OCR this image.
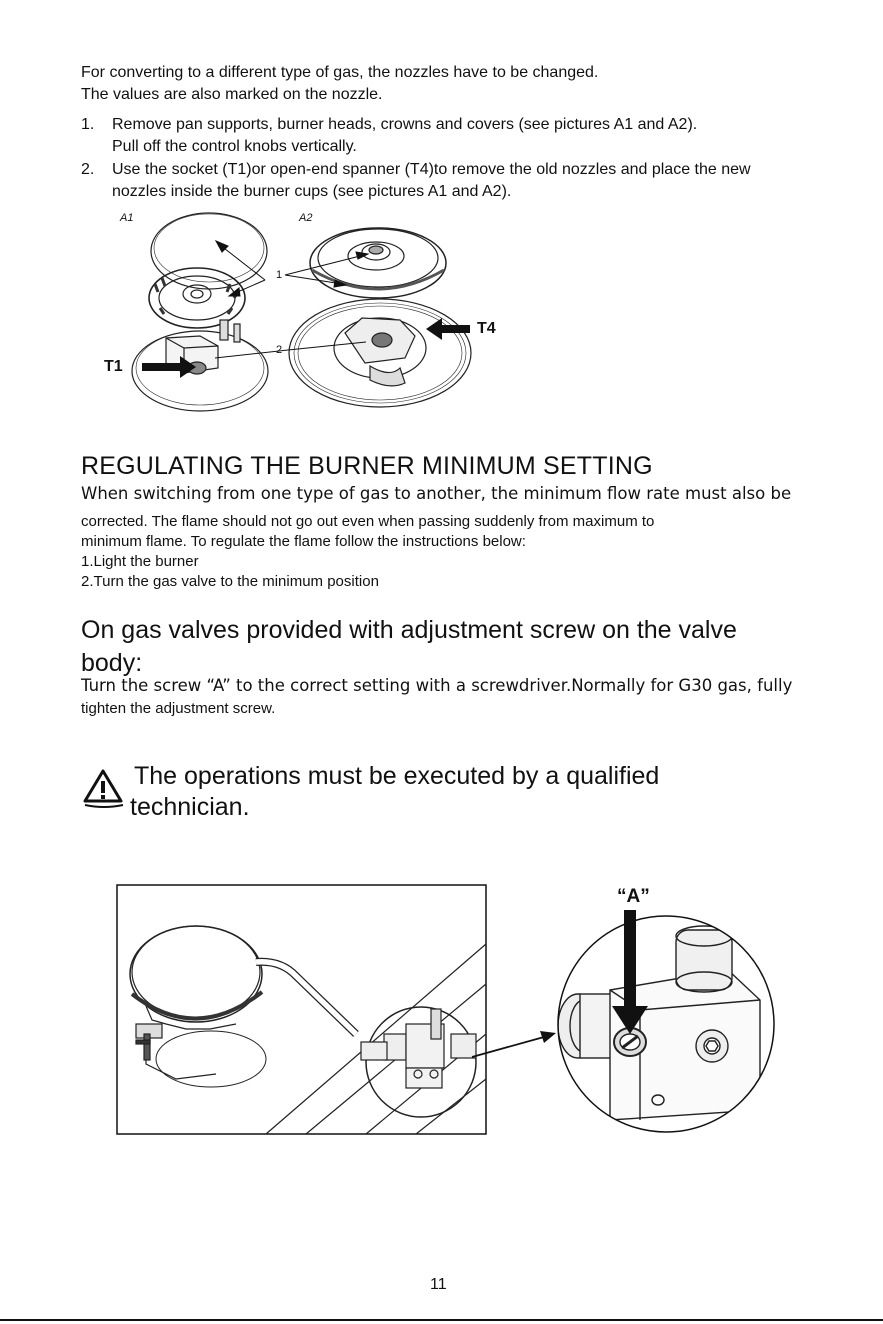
For converting to a different type of gas, the nozzles have to be changed.

The values are also marked on the nozzle.

1. Remove pan supports, burner heads, crowns and covers (see pictures A1 and A2).
Pull off the control knobs vertically.
2. Use the socket (T1)or open-end spanner (T4)to remove the old nozzles and place the new
nozzles inside the burner cups (see pictures A1 and A2).
A1	A2
1
2
T1
T4
REGULATING THE BURNER MINIMUM SETTING

When switching from one type of gas to another, the minimum flow rate must also be

corrected. The flame should not go out even when passing suddenly from maximum to

minimum flame. To regulate the flame follow the instructions below:

1.Light the burner

2.Turn the gas valve to the minimum position

On gas valves provided with adjustment screw on the valve
body:

Turn the screw “A” to the correct setting with a screwdriver.Normally for G30 gas, fully

tighten the adjustment screw.

The operations must be executed by a qualified

technician.

“A”
11
